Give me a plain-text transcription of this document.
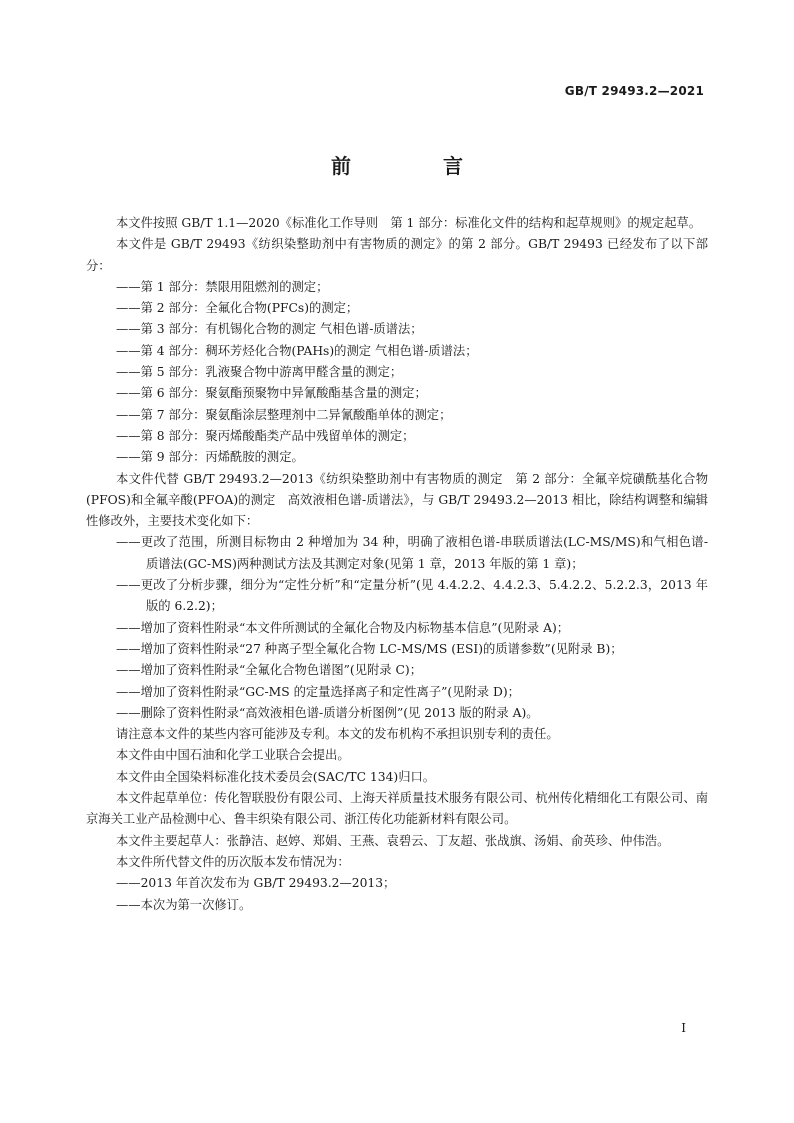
GB/T 29493.2—2021
前　言

本文件按照 GB/T 1.1—2020《标准化工作导则　第 1 部分：标准化文件的结构和起草规则》的规定起草。

本文件是 GB/T 29493《纺织染整助剂中有害物质的测定》的第 2 部分。GB/T 29493 已经发布了以下部分：

——第 1 部分：禁限用阻燃剂的测定；

——第 2 部分：全氟化合物(PFCs)的测定；

——第 3 部分：有机锡化合物的测定 气相色谱-质谱法；

——第 4 部分：稠环芳烃化合物(PAHs)的测定 气相色谱-质谱法；

——第 5 部分：乳液聚合物中游离甲醛含量的测定；

——第 6 部分：聚氨酯预聚物中异氰酸酯基含量的测定；

——第 7 部分：聚氨酯涂层整理剂中二异氰酸酯单体的测定；

——第 8 部分：聚丙烯酸酯类产品中残留单体的测定；

——第 9 部分：丙烯酰胺的测定。

本文件代替 GB/T 29493.2—2013《纺织染整助剂中有害物质的测定　第 2 部分：全氟辛烷磺酰基化合物(PFOS)和全氟辛酸(PFOA)的测定　高效液相色谱-质谱法》，与 GB/T 29493.2—2013 相比，除结构调整和编辑性修改外，主要技术变化如下：

——更改了范围，所测目标物由 2 种增加为 34 种，明确了液相色谱-串联质谱法(LC-MS/MS)和气相色谱-质谱法(GC-MS)两种测试方法及其测定对象(见第 1 章，2013 年版的第 1 章)；

——更改了分析步骤，细分为“定性分析”和“定量分析”(见 4.4.2.2、4.4.2.3、5.4.2.2、5.2.2.3，2013 年版的 6.2.2)；

——增加了资料性附录“本文件所测试的全氟化合物及内标物基本信息”(见附录 A)；

——增加了资料性附录“27 种离子型全氟化合物 LC-MS/MS (ESI)的质谱参数”(见附录 B)；

——增加了资料性附录“全氟化合物色谱图”(见附录 C)；

——增加了资料性附录“GC-MS 的定量选择离子和定性离子”(见附录 D)；

——删除了资料性附录“高效液相色谱-质谱分析图例”(见 2013 版的附录 A)。

请注意本文件的某些内容可能涉及专利。本文的发布机构不承担识别专利的责任。

本文件由中国石油和化学工业联合会提出。

本文件由全国染料标准化技术委员会(SAC/TC 134)归口。

本文件起草单位：传化智联股份有限公司、上海天祥质量技术服务有限公司、杭州传化精细化工有限公司、南京海关工业产品检测中心、鲁丰织染有限公司、浙江传化功能新材料有限公司。

本文件主要起草人：张静洁、赵婷、郑娟、王燕、袁碧云、丁友超、张战旗、汤娟、俞英珍、仲伟浩。

本文件所代替文件的历次版本发布情况为：

——2013 年首次发布为 GB/T 29493.2—2013；

——本次为第一次修订。

I
